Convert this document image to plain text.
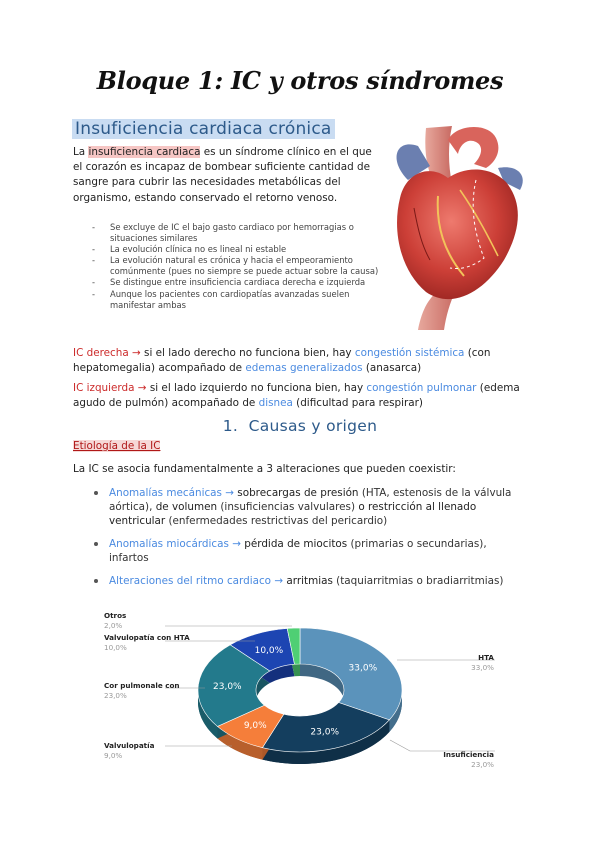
Bloque 1: IC y otros síndromes
Insuficiencia cardiaca crónica
La insuficiencia cardiaca es un síndrome clínico en el que el corazón es incapaz de bombear suficiente cantidad de sangre para cubrir las necesidades metabólicas del organismo, estando conservado el retorno venoso.
- Se excluye de IC el bajo gasto cardiaco por hemorragias o situaciones similares
- La evolución clínica no es lineal ni estable
- La evolución natural es crónica y hacia el empeoramiento comúnmente (pues no siempre se puede actuar sobre la causa)
- Se distingue entre insuficiencia cardiaca derecha e izquierda
- Aunque los pacientes con cardiopatías avanzadas suelen manifestar ambas
IC derecha → si el lado derecho no funciona bien, hay congestión sistémica (con hepatomegalia) acompañado de edemas generalizados (anasarca)
IC izquierda → si el lado izquierdo no funciona bien, hay congestión pulmonar (edema agudo de pulmón) acompañado de disnea (dificultad para respirar)
1. Causas y origen
Etiología de la IC
La IC se asocia fundamentalmente a 3 alteraciones que pueden coexistir:
Anomalías mecánicas → sobrecargas de presión (HTA, estenosis de la válvula aórtica), de volumen (insuficiencias valvulares) o restricción al llenado ventricular (enfermedades restrictivas del pericardio)
Anomalías miocárdicas → pérdida de miocitos (primarias o secundarias), infartos
Alteraciones del ritmo cardiaco → arritmias (taquiarritmias o bradiarritmias)
33,0%
23,0%
9,0%
23,0%
10,0%
Otros
2,0%
Valvulopatía con HTA
10,0%
Cor pulmonale con
23,0%
Valvulopatía
9,0%
HTA
33,0%
Insuficiencia
23,0%
